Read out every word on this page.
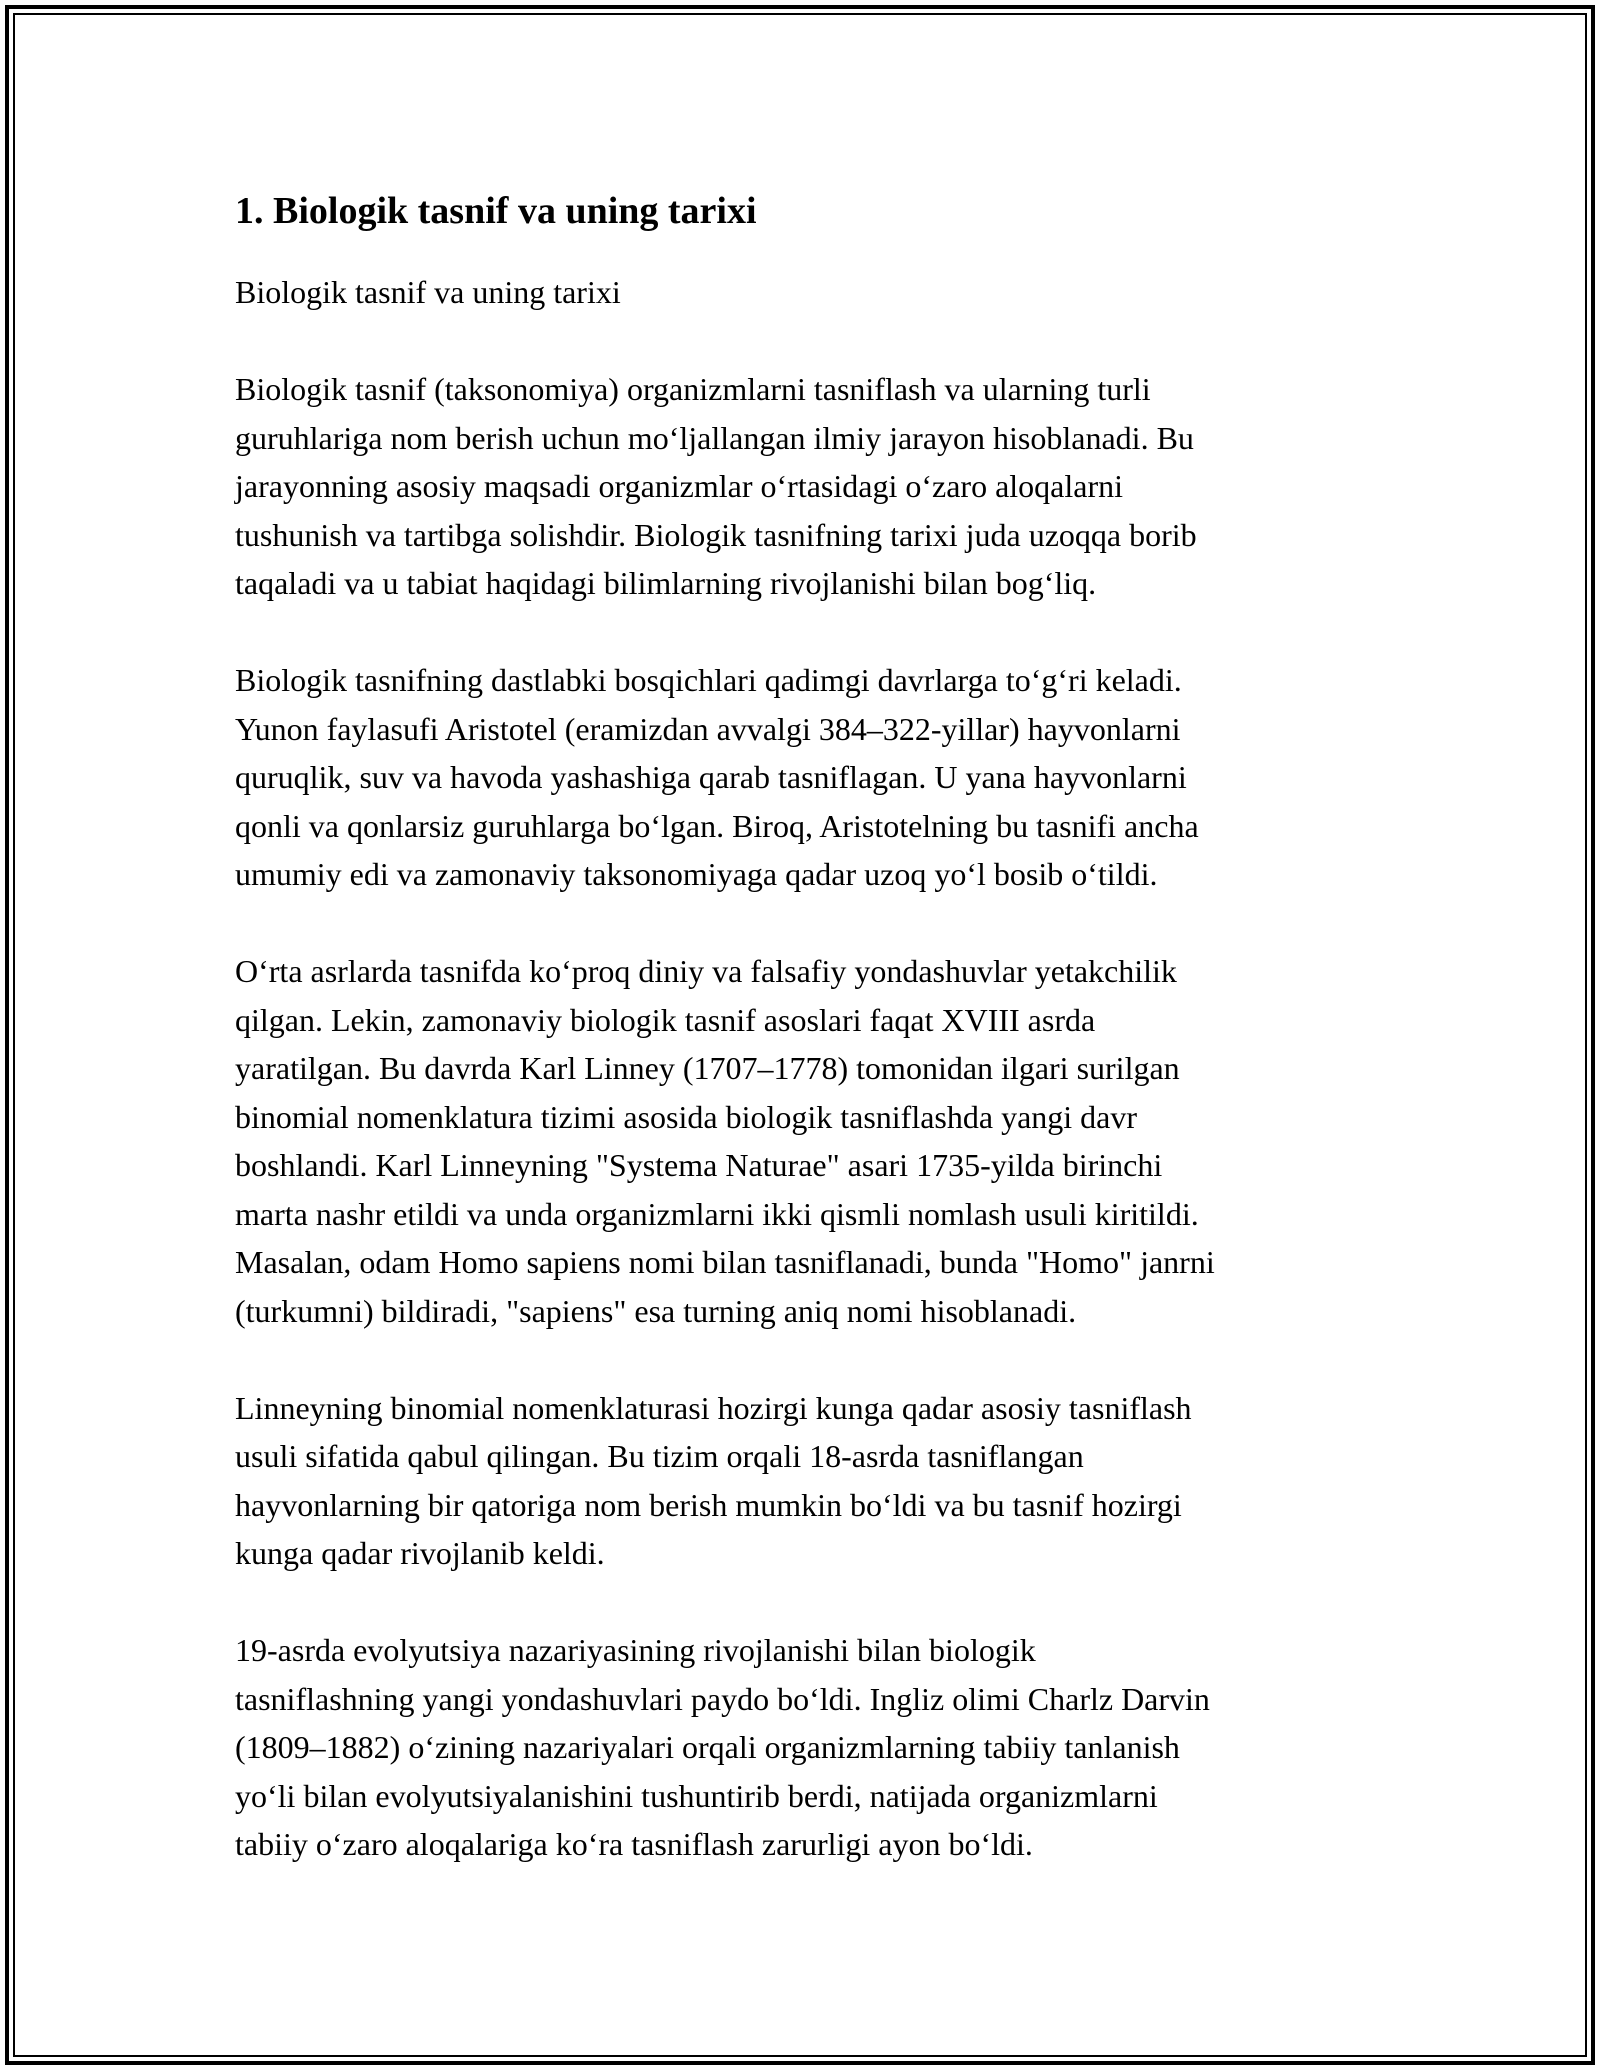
1. Biologik tasnif va uning tarixi

Biologik tasnif va uning tarixi

Biologik tasnif (taksonomiya) organizmlarni tasniflash va ularning turli
guruhlariga nom berish uchun moʻljallangan ilmiy jarayon hisoblanadi. Bu
jarayonning asosiy maqsadi organizmlar oʻrtasidagi oʻzaro aloqalarni
tushunish va tartibga solishdir. Biologik tasnifning tarixi juda uzoqqa borib
taqaladi va u tabiat haqidagi bilimlarning rivojlanishi bilan bogʻliq.

Biologik tasnifning dastlabki bosqichlari qadimgi davrlarga toʻgʻri keladi.
Yunon faylasufi Aristotel (eramizdan avvalgi 384–322-yillar) hayvonlarni
quruqlik, suv va havoda yashashiga qarab tasniflagan. U yana hayvonlarni
qonli va qonlarsiz guruhlarga boʻlgan. Biroq, Aristotelning bu tasnifi ancha
umumiy edi va zamonaviy taksonomiyaga qadar uzoq yoʻl bosib oʻtildi.

Oʻrta asrlarda tasnifda koʻproq diniy va falsafiy yondashuvlar yetakchilik
qilgan. Lekin, zamonaviy biologik tasnif asoslari faqat XVIII asrda
yaratilgan. Bu davrda Karl Linney (1707–1778) tomonidan ilgari surilgan
binomial nomenklatura tizimi asosida biologik tasniflashda yangi davr
boshlandi. Karl Linneyning "Systema Naturae" asari 1735-yilda birinchi
marta nashr etildi va unda organizmlarni ikki qismli nomlash usuli kiritildi.
Masalan, odam Homo sapiens nomi bilan tasniflanadi, bunda "Homo" janrni
(turkumni) bildiradi, "sapiens" esa turning aniq nomi hisoblanadi.

Linneyning binomial nomenklaturasi hozirgi kunga qadar asosiy tasniflash
usuli sifatida qabul qilingan. Bu tizim orqali 18-asrda tasniflangan
hayvonlarning bir qatoriga nom berish mumkin boʻldi va bu tasnif hozirgi
kunga qadar rivojlanib keldi.

19-asrda evolyutsiya nazariyasining rivojlanishi bilan biologik
tasniflashning yangi yondashuvlari paydo boʻldi. Ingliz olimi Charlz Darvin
(1809–1882) oʻzining nazariyalari orqali organizmlarning tabiiy tanlanish
yoʻli bilan evolyutsiyalanishini tushuntirib berdi, natijada organizmlarni
tabiiy oʻzaro aloqalariga koʻra tasniflash zarurligi ayon boʻldi.
